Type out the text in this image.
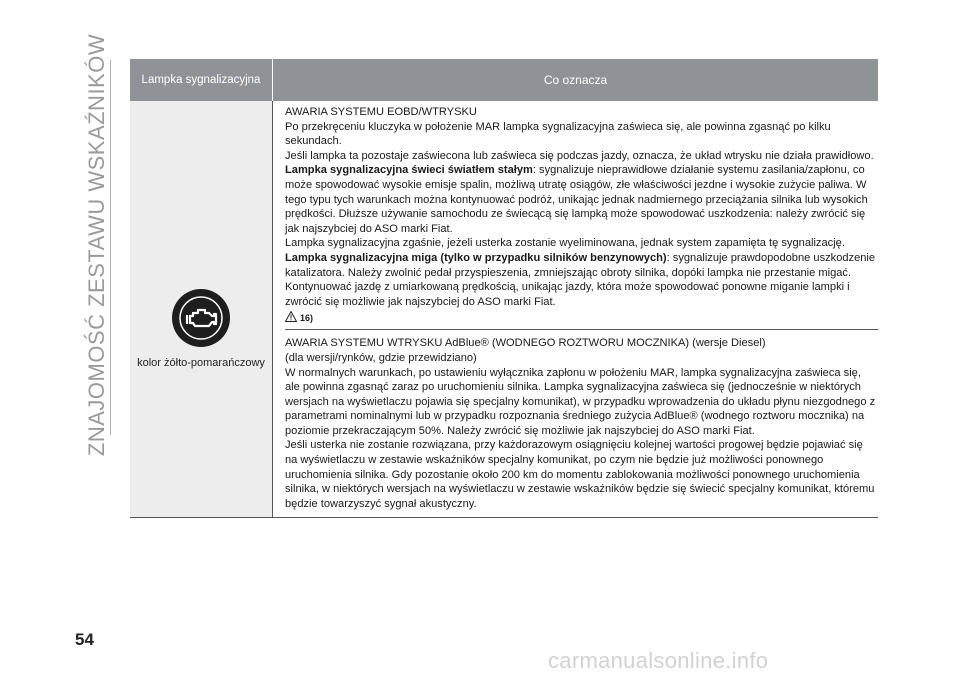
ZNAJOMOŚĆ ZESTAWU WSKAŹNIKÓW	Lampka sygnalizacyjna	Co oznacza
kolor żółto-pomarańczowy

AWARIA SYSTEMU EOBD/WTRYSKU

Po przekręceniu kluczyka w położenie MAR lampka sygnalizacyjna zaświeca się, ale powinna zgasnąć po kilku sekundach.

Jeśli lampka ta pozostaje zaświecona lub zaświeca się podczas jazdy, oznacza, że układ wtrysku nie działa prawidłowo.

Lampka sygnalizacyjna świeci światłem stałym: sygnalizuje nieprawidłowe działanie systemu zasilania/zapłonu, co może spowodować wysokie emisje spalin, możliwą utratę osiągów, złe właściwości jezdne i wysokie zużycie paliwa. W tego typu tych warunkach można kontynuować podróż, unikając jednak nadmiernego przeciążania silnika lub wysokich prędkości. Dłuższe używanie samochodu ze świecącą się lampką może spowodować uszkodzenia: należy zwrócić się jak najszybciej do ASO marki Fiat.

Lampka sygnalizacyjna zgaśnie, jeżeli usterka zostanie wyeliminowana, jednak system zapamięta tę sygnalizację.

Lampka sygnalizacyjna miga (tylko w przypadku silników benzynowych): sygnalizuje prawdopodobne uszkodzenie katalizatora. Należy zwolnić pedał przyspieszenia, zmniejszając obroty silnika, dopóki lampka nie przestanie migać. Kontynuować jazdę z umiarkowaną prędkością, unikając jazdy, która może spowodować ponowne miganie lampki i zwrócić się możliwie jak najszybciej do ASO marki Fiat.

16)

AWARIA SYSTEMU WTRYSKU AdBlue® (WODNEGO ROZTWORU MOCZNIKA) (wersje Diesel)

(dla wersji/rynków, gdzie przewidziano)

W normalnych warunkach, po ustawieniu wyłącznika zapłonu w położeniu MAR, lampka sygnalizacyjna zaświeca się, ale powinna zgasnąć zaraz po uruchomieniu silnika. Lampka sygnalizacyjna zaświeca się (jednocześnie w niektórych wersjach na wyświetlaczu pojawia się specjalny komunikat), w przypadku wprowadzenia do układu płynu niezgodnego z parametrami nominalnymi lub w przypadku rozpoznania średniego zużycia AdBlue® (wodnego roztworu mocznika) na poziomie przekraczającym 50%. Należy zwrócić się możliwie jak najszybciej do ASO marki Fiat.

Jeśli usterka nie zostanie rozwiązana, przy każdorazowym osiągnięciu kolejnej wartości progowej będzie pojawiać się na wyświetlaczu w zestawie wskaźników specjalny komunikat, po czym nie będzie już możliwości ponownego uruchomienia silnika. Gdy pozostanie około 200 km do momentu zablokowania możliwości ponownego uruchomienia silnika, w niektórych wersjach na wyświetlaczu w zestawie wskaźników będzie się świecić specjalny komunikat, któremu będzie towarzyszyć sygnał akustyczny.

54
carmanualsonline.info
